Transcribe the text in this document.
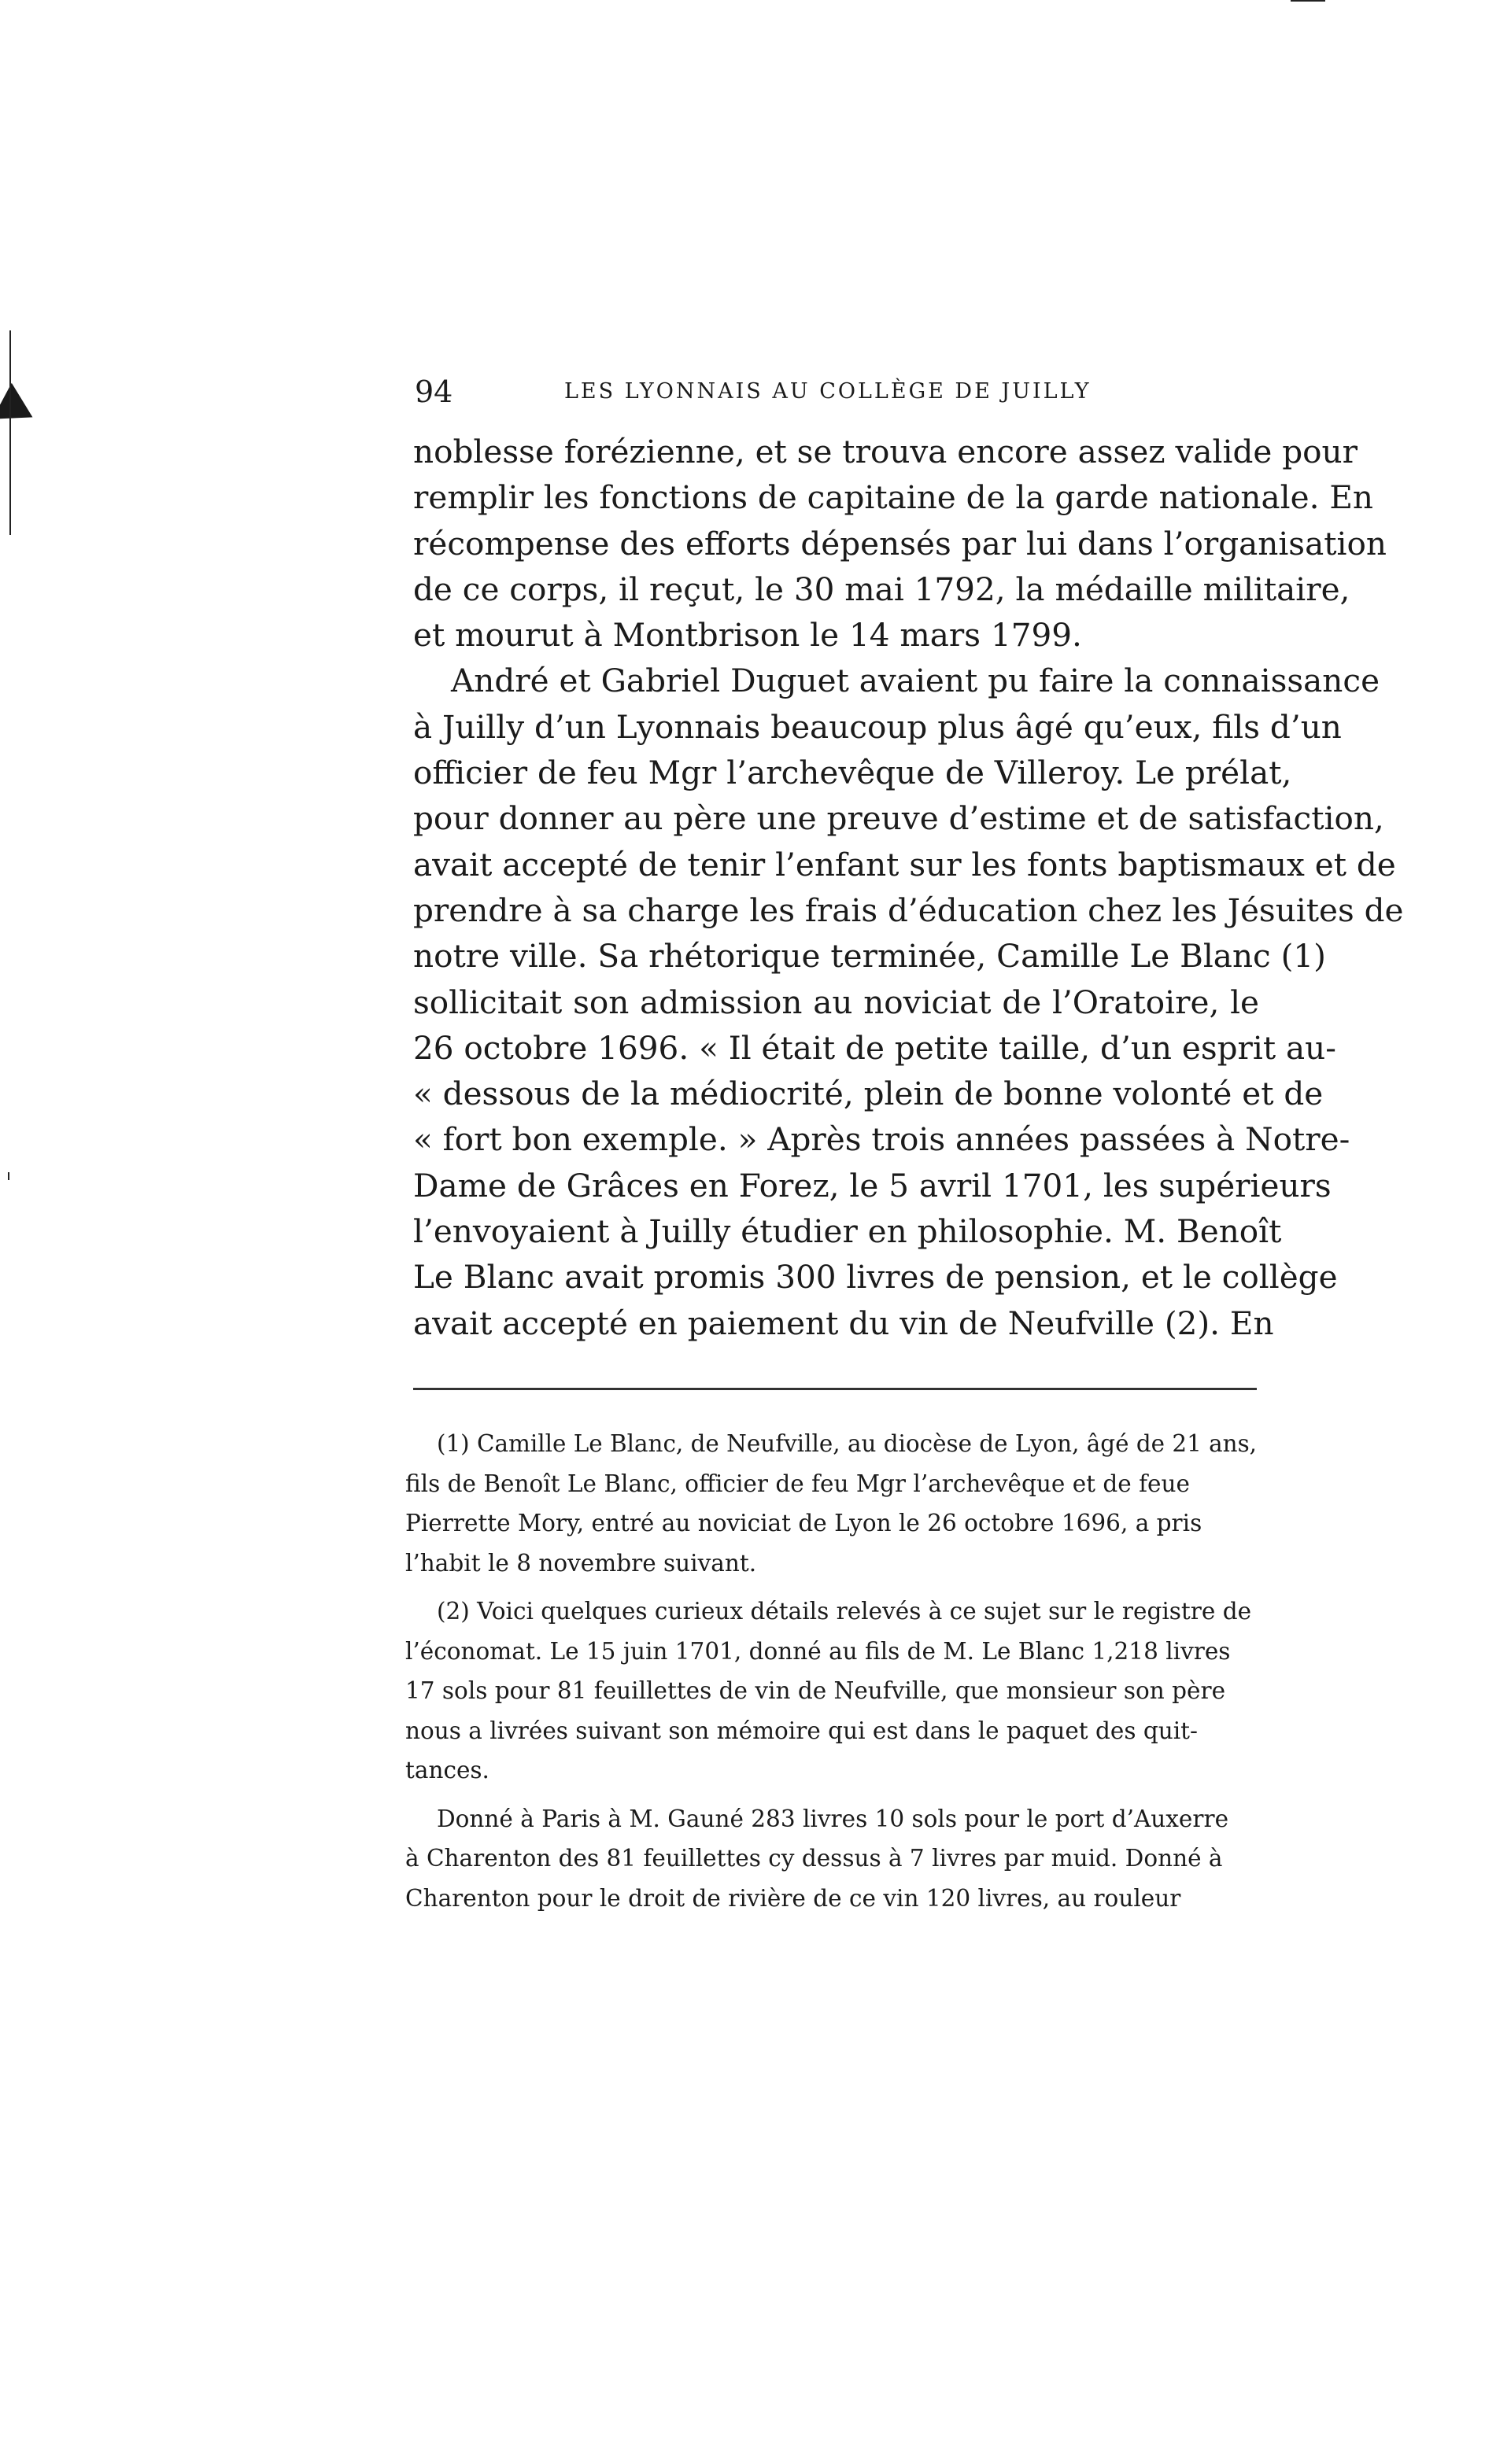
94	LES LYONNAIS AU COLLÈGE DE JUILLY
noblesse forézienne, et se trouva encore assez valide pour
remplir les fonctions de capitaine de la garde nationale. En
récompense des efforts dépensés par lui dans l’organisation
de ce corps, il reçut, le 30 mai 1792, la médaille militaire,
et mourut à Montbrison le 14 mars 1799.
André et Gabriel Duguet avaient pu faire la connaissance
à Juilly d’un Lyonnais beaucoup plus âgé qu’eux, fils d’un
officier de feu Mgr l’archevêque de Villeroy. Le prélat,
pour donner au père une preuve d’estime et de satisfaction,
avait accepté de tenir l’enfant sur les fonts baptismaux et de
prendre à sa charge les frais d’éducation chez les Jésuites de
notre ville. Sa rhétorique terminée, Camille Le Blanc (1)
sollicitait son admission au noviciat de l’Oratoire, le
26 octobre 1696. « Il était de petite taille, d’un esprit au-
« dessous de la médiocrité, plein de bonne volonté et de
« fort bon exemple. » Après trois années passées à Notre-
Dame de Grâces en Forez, le 5 avril 1701, les supérieurs
l’envoyaient à Juilly étudier en philosophie. M. Benoît
Le Blanc avait promis 300 livres de pension, et le collège
avait accepté en paiement du vin de Neufville (2). En
(1) Camille Le Blanc, de Neufville, au diocèse de Lyon, âgé de 21 ans,
fils de Benoît Le Blanc, officier de feu Mgr l’archevêque et de feue
Pierrette Mory, entré au noviciat de Lyon le 26 octobre 1696, a pris
l’habit le 8 novembre suivant.
(2) Voici quelques curieux détails relevés à ce sujet sur le registre de
l’économat. Le 15 juin 1701, donné au fils de M. Le Blanc 1,218 livres
17 sols pour 81 feuillettes de vin de Neufville, que monsieur son père
nous a livrées suivant son mémoire qui est dans le paquet des quit-
tances.
Donné à Paris à M. Gauné 283 livres 10 sols pour le port d’Auxerre
à Charenton des 81 feuillettes cy dessus à 7 livres par muid. Donné à
Charenton pour le droit de rivière de ce vin 120 livres, au rouleur
